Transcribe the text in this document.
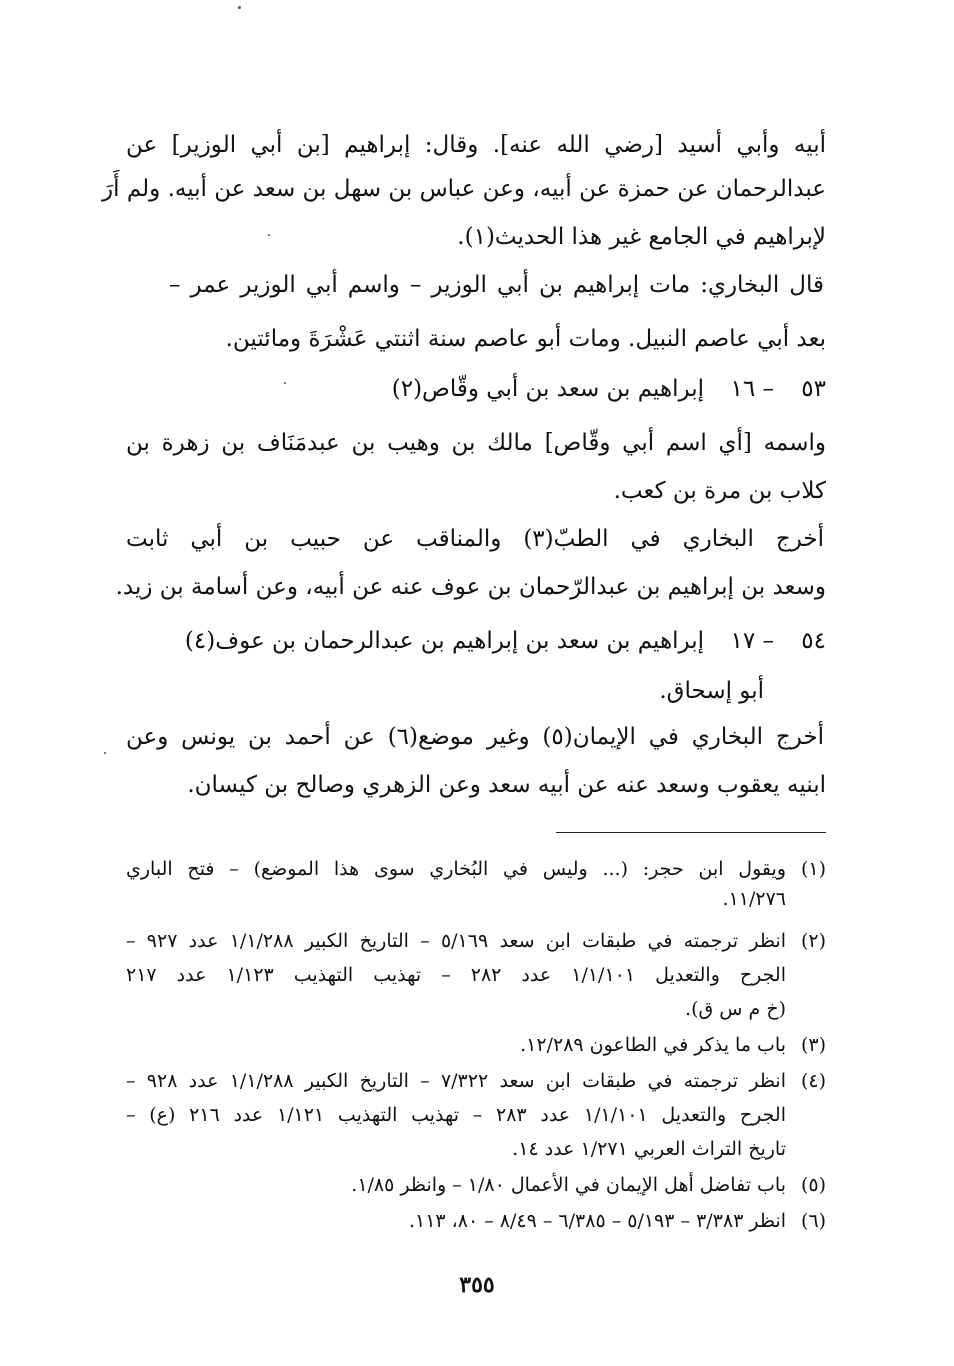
أبيه وأبي أسيد [رضي الله عنه]. وقال: إبراهيم [بن أبي الوزير] عن
عبدالرحمان عن حمزة عن أبيه، وعن عباس بن سهل بن سعد عن أبيه. ولم أَرَ
لإبراهيم في الجامع غير هذا الحديث(١).
قال البخاري: مات إبراهيم بن أبي الوزير – واسم أبي الوزير عمر –
بعد أبي عاصم النبيل. ومات أبو عاصم سنة اثنتي عَشْرَةَ ومائتين.
٥٣
١٦ –
إبراهيم بن سعد بن أبي وقّاص(٢)
واسمه [أي اسم أبي وقّاص] مالك بن وهيب بن عبدمَنَاف بن زهرة بن
كلاب بن مرة بن كعب.
أخرج البخاري في الطبّ(٣) والمناقب عن حبيب بن أبي ثابت
وسعد بن إبراهيم بن عبدالرّحمان بن عوف عنه عن أبيه، وعن أسامة بن زيد.
٥٤
١٧ –
إبراهيم بن سعد بن إبراهيم بن عبدالرحمان بن عوف(٤)
أبو إسحاق.
أخرج البخاري في الإيمان(٥) وغير موضع(٦) عن أحمد بن يونس وعن
ابنيه يعقوب وسعد عنه عن أبيه سعد وعن الزهري وصالح بن كيسان.
(١)
ويقول ابن حجر: (... وليس في البُخاري سوى هذا الموضع) – فتح الباري
١١/٢٧٦.
(٢)
انظر ترجمته في طبقات ابن سعد ٥/١٦٩ – التاريخ الكبير ١/١/٢٨٨ عدد ٩٢٧ –
الجرح والتعديل ١/١/١٠١ عدد ٢٨٢ – تهذيب التهذيب ١/١٢٣ عدد ٢١٧
(خ م س ق).
(٣)
باب ما يذكر في الطاعون ١٢/٢٨٩.
(٤)
انظر ترجمته في طبقات ابن سعد ٧/٣٢٢ – التاريخ الكبير ١/١/٢٨٨ عدد ٩٢٨ –
الجرح والتعديل ١/١/١٠١ عدد ٢٨٣ – تهذيب التهذيب ١/١٢١ عدد ٢١٦ (ع) –
تاريخ التراث العربي ١/٢٧١ عدد ١٤.
(٥)
باب تفاضل أهل الإيمان في الأعمال ١/٨٠ – وانظر ١/٨٥.
(٦)
انظر ٣/٣٨٣ – ٥/١٩٣ – ٦/٣٨٥ – ٨/٤٩ – ٨٠، ١١٣.
٣٥٥
